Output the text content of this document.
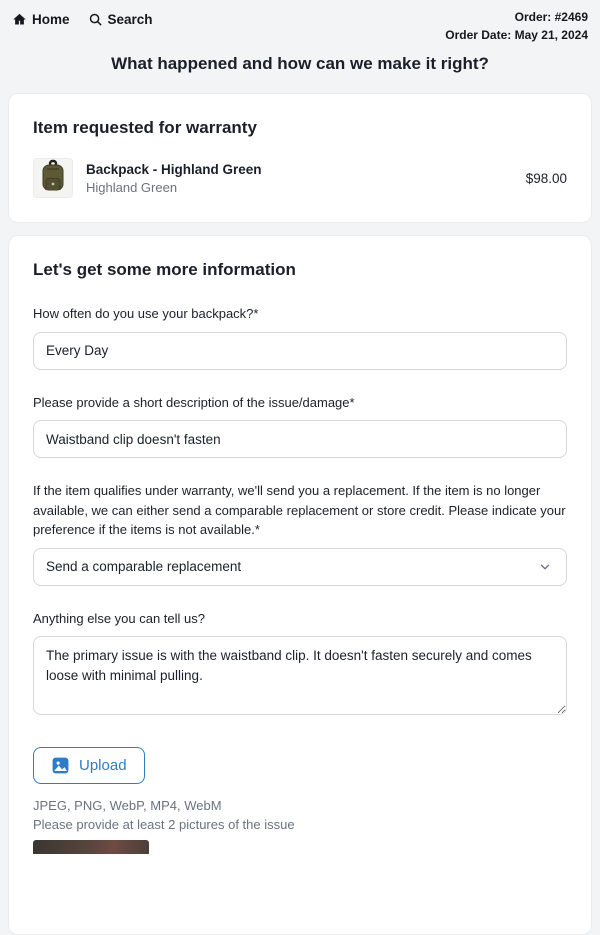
Home	Search	Order: #2469
Order Date: May 21, 2024
What happened and how can we make it right?
Item requested for warranty
Backpack - Highland Green
Highland Green
$98.00
Let's get some more information
How often do you use your backpack?*
Every Day
Please provide a short description of the issue/damage*
Waistband clip doesn't fasten
If the item qualifies under warranty, we'll send you a replacement. If the item is no longer available, we can either send a comparable replacement or store credit. Please indicate your preference if the items is not available.*
Send a comparable replacement
Anything else you can tell us?
The primary issue is with the waistband clip. It doesn't fasten securely and comes loose with minimal pulling.
Upload
JPEG, PNG, WebP, MP4, WebM
Please provide at least 2 pictures of the issue
